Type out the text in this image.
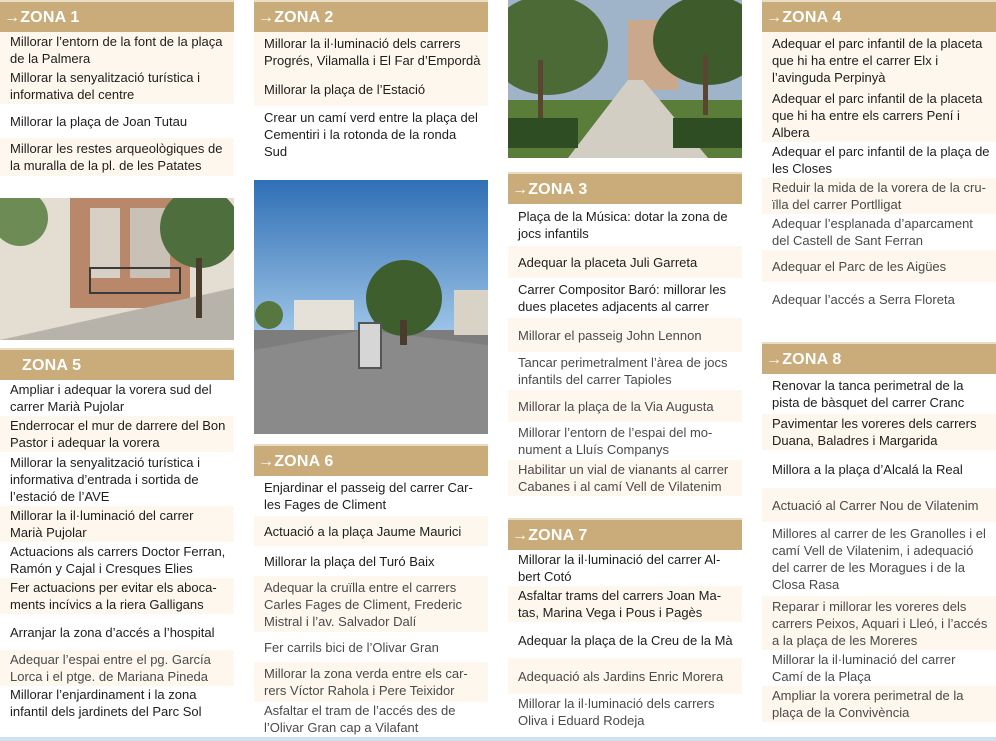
→ZONA 1
Millorar l’entorn de la font de la plaça de la Palmera
Millorar la senyalització turística i informativa del centre
Millorar la plaça de Joan Tutau
Millorar les restes arqueològiques de la muralla de la pl. de les Patates
ZONA 5
Ampliar i adequar la vorera sud del carrer Marià Pujolar
Enderrocar el mur de darrere del Bon Pastor i adequar la vorera
Millorar la senyalització turística i informativa d’entrada i sortida de l’estació de l’AVE
Millorar la il·luminació del carrer Marià Pujolar
Actuacions als carrers Doctor Ferran, Ramón y Cajal i Cresques Elies
Fer actuacions per evitar els abocaments incívics a la riera Galligans
Arranjar la zona d’accés a l’hospital
Adequar l’espai entre el pg. García Lorca i el ptge. de Mariana Pineda
Millorar l’enjardinament i la zona infantil dels jardinets del Parc Sol
→ZONA 2
Millorar la il·luminació dels carrers Progrés, Vilamalla i El Far d’Empordà
Millorar la plaça de l’Estació
Crear un camí verd entre la plaça del Cementiri i la rotonda de la ronda Sud
→ZONA 6
Enjardinar el passeig del carrer Carles Fages de Climent
Actuació a la plaça Jaume Maurici
Millorar la plaça del Turó Baix
Adequar la cruïlla entre el carrers Carles Fages de Climent, Frederic Mistral i l’av. Salvador Dalí
Fer carrils bici de l’Olivar Gran
Millorar la zona verda entre els carrers Víctor Rahola i Pere Teixidor
Asfaltar el tram de l’accés des de l’Olivar Gran cap a Vilafant
→ZONA 3
Plaça de la Música: dotar la zona de jocs infantils
Adequar la placeta Juli Garreta
Carrer Compositor Baró: millorar les dues placetes adjacents al carrer
Millorar el passeig John Lennon
Tancar perimetralment l’àrea de jocs infantils del carrer Tapioles
Millorar la plaça de la Via Augusta
Millorar l’entorn de l’espai del monument a Lluís Companys
Habilitar un vial de vianants al carrer Cabanes i al camí Vell de Vilatenim
→ZONA 7
Millorar la il·luminació del carrer Albert Cotó
Asfaltar trams del carrers Joan Matas, Marina Vega i Pous i Pagès
Adequar la plaça de la Creu de la Mà
Adequació als Jardins Enric Morera
Millorar la il·luminació dels carrers Oliva i Eduard Rodeja
→ZONA 4
Adequar el parc infantil de la placeta que hi ha entre el carrer Elx i l’avinguda Perpinyà
Adequar el parc infantil de la placeta que hi ha entre els carrers Pení i Albera
Adequar el parc infantil de la plaça de les Closes
Reduir la mida de la vorera de la cruïlla del carrer Portlligat
Adequar l’esplanada d’aparcament del Castell de Sant Ferran
Adequar el Parc de les Aigües
Adequar l’accés a Serra Floreta
→ZONA 8
Renovar la tanca perimetral de la pista de bàsquet del carrer Cranc
Pavimentar les voreres dels carrers Duana, Baladres i Margarida
Millora a la plaça d’Alcalá la Real
Actuació al Carrer Nou de Vilatenim
Millores al carrer de les Granolles i el camí Vell de Vilatenim, i adequació del carrer de les Moragues i de la Closa Rasa
Reparar i millorar les voreres dels carrers Peixos, Aquari i Lleó, i l’accés a la plaça de les Moreres
Millorar la il·luminació del carrer Camí de la Plaça
Ampliar la vorera perimetral de la plaça de la Convivència
